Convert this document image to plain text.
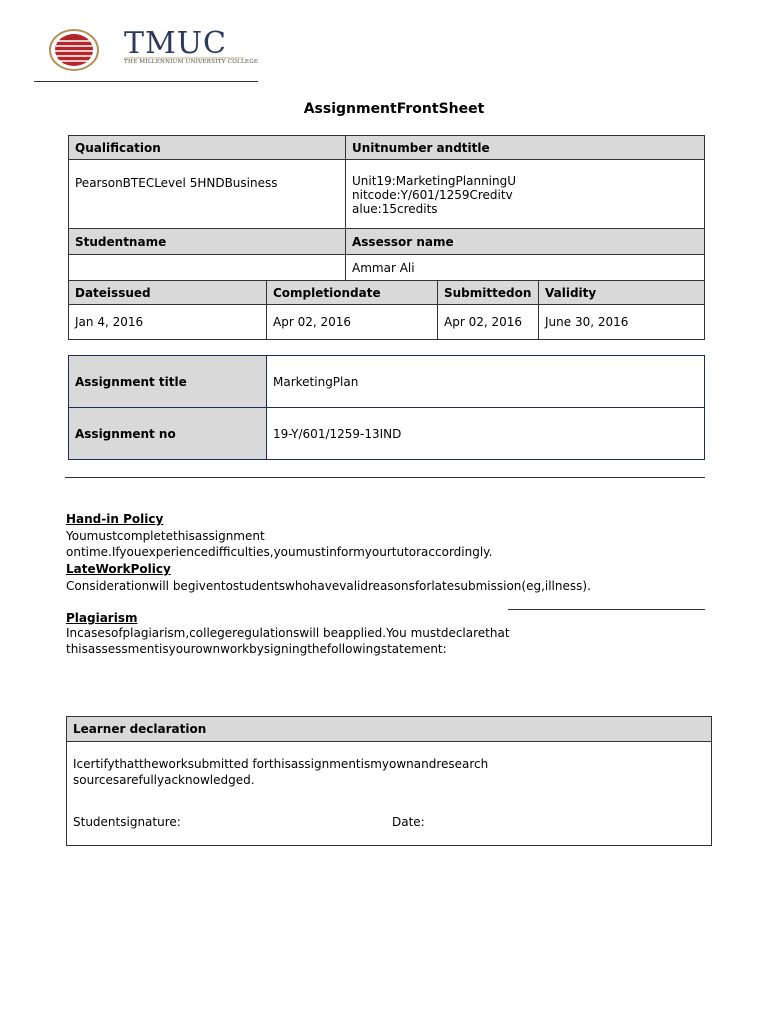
TMUC
THE MILLENNIUM UNIVERSITY COLLEGE
AssignmentFrontSheet
Qualification	Unitnumber andtitle
PearsonBTECLevel 5HNDBusiness	Unit19:MarketingPlanningU
nitcode:Y/601/1259Creditv
alue:15credits

Studentname	Assessor name
	Ammar Ali
Dateissued	Completiondate	Submittedon	Validity
Jan 4, 2016	Apr 02, 2016	Apr 02, 2016	June 30, 2016
Assignment title	MarketingPlan
Assignment no	19-Y/601/1259-13IND
Hand-in Policy
Youmustcompletethisassignment
ontime.Ifyouexperiencedifficulties,youmustinformyourtutoraccordingly.
LateWorkPolicy
Considerationwill begiventostudentswhohavevalidreasonsforlatesubmission(eg,illness).
Plagiarism
Incasesofplagiarism,collegeregulationswill beapplied.You mustdeclarethat
thisassessmentisyourownworkbysigningthefollowingstatement:
Learner declaration
Icertifythattheworksubmitted forthisassignmentismyownandresearch
sourcesarefullyacknowledged.
Studentsignature:	Date:
